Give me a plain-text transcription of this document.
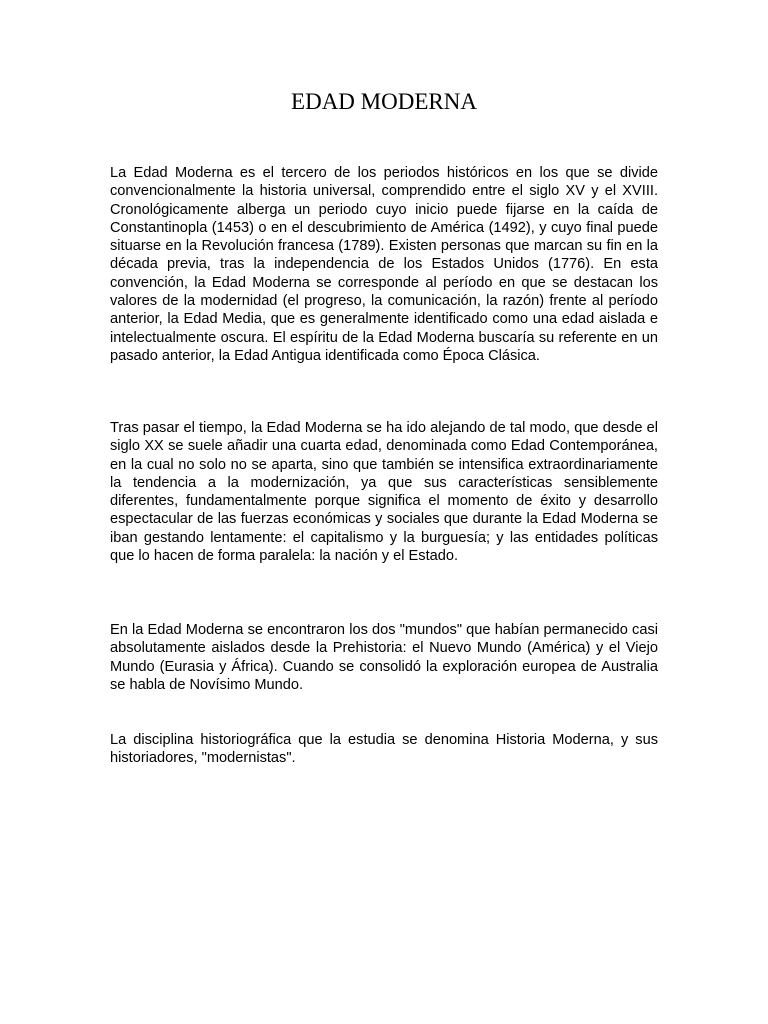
EDAD MODERNA

La Edad Moderna es el tercero de los periodos históricos en los que se divide convencionalmente la historia universal, comprendido entre el siglo XV y el XVIII. Cronológicamente alberga un periodo cuyo inicio puede fijarse en la caída de Constantinopla (1453) o en el descubrimiento de América (1492), y cuyo final puede situarse en la Revolución francesa (1789). Existen personas que marcan su fin en la década previa, tras la independencia de los Estados Unidos (1776). En esta convención, la Edad Moderna se corresponde al período en que se destacan los valores de la modernidad (el progreso, la comunicación, la razón) frente al período anterior, la Edad Media, que es generalmente identificado como una edad aislada e intelectualmente oscura. El espíritu de la Edad Moderna buscaría su referente en un pasado anterior, la Edad Antigua identificada como Época Clásica.

Tras pasar el tiempo, la Edad Moderna se ha ido alejando de tal modo, que desde el siglo XX se suele añadir una cuarta edad, denominada como Edad Contemporánea, en la cual no solo no se aparta, sino que también se intensifica extraordinariamente la tendencia a la modernización, ya que sus características sensiblemente diferentes, fundamentalmente porque significa el momento de éxito y desarrollo espectacular de las fuerzas económicas y sociales que durante la Edad Moderna se iban gestando lentamente: el capitalismo y la burguesía; y las entidades políticas que lo hacen de forma paralela: la nación y el Estado.

En la Edad Moderna se encontraron los dos "mundos" que habían permanecido casi absolutamente aislados desde la Prehistoria: el Nuevo Mundo (América) y el Viejo Mundo (Eurasia y África). Cuando se consolidó la exploración europea de Australia se habla de Novísimo Mundo.

La disciplina historiográfica que la estudia se denomina Historia Moderna, y sus historiadores, "modernistas".
